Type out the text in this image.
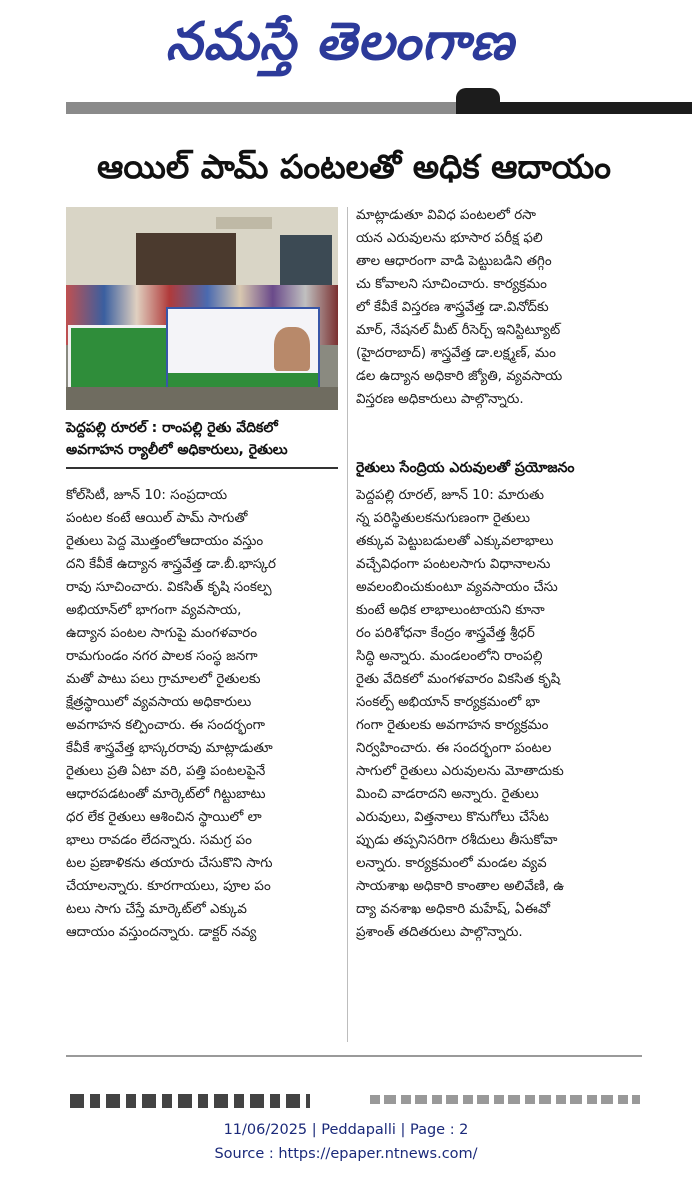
నమస్తే తెలంగాణ
ఆయిల్ పామ్ పంటలతో అధిక ఆదాయం
పెద్దపల్లి రూరల్ : రాంపల్లి రైతు వేదికలో
అవగాహన ర్యాలీలో అధికారులు, రైతులు
కోల్‌సిటీ, జూన్ 10: సంప్రదాయ
పంటల కంటే ఆయిల్ పామ్ సాగుతో
రైతులు పెద్ద మొత్తంలోఆదాయం వస్తుం
దని కేవీకే ఉద్యాన శాస్త్రవేత్త డా.బీ.భాస్కర
రావు సూచించారు. వికసిత్ కృషి సంకల్ప
అభియాన్‌లో భాగంగా వ్యవసాయ,
ఉద్యాన పంటల సాగుపై మంగళవారం
రామగుండం నగర పాలక సంస్థ జనగా
మతో పాటు పలు గ్రామాలలో రైతులకు
క్షేత్రస్థాయిలో వ్యవసాయ అధికారులు
అవగాహన కల్పించారు. ఈ సందర్భంగా
కేవీకే శాస్త్రవేత్త భాస్కరరావు మాట్లాడుతూ
రైతులు ప్రతి ఏటా వరి, పత్తి పంటలపైనే
ఆధారపడటంతో మార్కెట్‌లో గిట్టుబాటు
ధర లేక రైతులు ఆశించిన స్థాయిలో లా
భాలు రావడం లేదన్నారు. సమగ్ర పం
టల ప్రణాళికను తయారు చేసుకొని సాగు
చేయాలన్నారు. కూరగాయలు, పూల పం
టలు సాగు చేస్తే మార్కెట్‌లో ఎక్కువ
ఆదాయం వస్తుందన్నారు. డాక్టర్ నవ్య
మాట్లాడుతూ వివిధ పంటలలో రసా
యన ఎరువులను భూసార పరీక్ష ఫలి
తాల ఆధారంగా వాడి పెట్టుబడిని తగ్గిం
చు కోవాలని సూచించారు. కార్యక్రమం
లో కేవీకే విస్తరణ శాస్త్రవేత్త డా.వినోద్‌కు
మార్, నేషనల్ మీట్ రీసెర్చ్ ఇనిస్టిట్యూట్
(హైదరాబాద్) శాస్త్రవేత్త డా.లక్ష్మణ్, మం
డల ఉద్యాన అధికారి జ్యోతి, వ్యవసాయ
విస్తరణ అధికారులు పాల్గొన్నారు.
రైతులు సేంద్రియ ఎరువులతో ప్రయోజనం
పెద్దపల్లి రూరల్, జూన్ 10: మారుతు
న్న పరిస్థితులకనుగుణంగా రైతులు
తక్కువ పెట్టుబడులతో ఎక్కువలాభాలు
వచ్చేవిధంగా పంటలసాగు విధానాలను
అవలంబించుకుంటూ వ్యవసాయం చేసు
కుంటే అధిక లాభాలుంటాయని కూనా
రం పరిశోధనా కేంద్రం శాస్త్రవేత్త శ్రీధర్
సిద్ధి అన్నారు. మండలంలోని రాంపల్లి
రైతు వేదికలో మంగళవారం వికసిత కృషి
సంకల్ప్ అభియాన్ కార్యక్రమంలో భా
గంగా రైతులకు అవగాహన కార్యక్రమం
నిర్వహించారు. ఈ సందర్భంగా పంటల
సాగులో రైతులు ఎరువులను మోతాదుకు
మించి వాడరాదని అన్నారు. రైతులు
ఎరువులు, విత్తనాలు కొనుగోలు చేసేట
ప్పుడు తప్పనిసరిగా రశీదులు తీసుకోవా
లన్నారు. కార్యక్రమంలో మండల వ్యవ
సాయశాఖ అధికారి కాంతాల అలివేణి, ఉ
ద్యా వనశాఖ అధికారి మహేష్, ఏఈవో
ప్రశాంత్ తదితరులు పాల్గొన్నారు.
11/06/2025 | Peddapalli | Page : 2
Source : https://epaper.ntnews.com/
